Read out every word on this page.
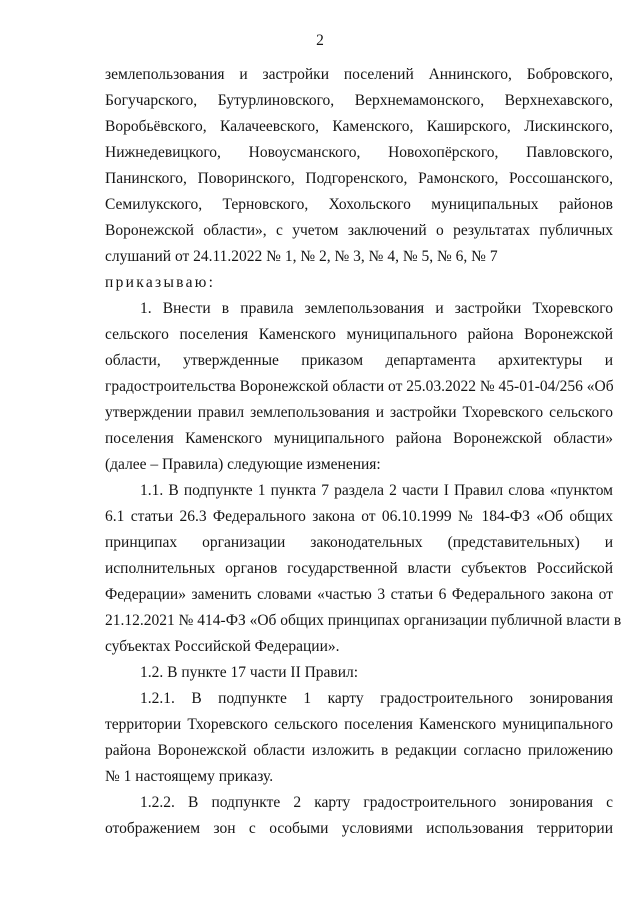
2
землепользования и застройки поселений Аннинского, Бобровского,
Богучарского, Бутурлиновского, Верхнемамонского, Верхнехавского,
Воробьёвского, Калачеевского, Каменского, Каширского, Лискинского,
Нижнедевицкого, Новоусманского, Новохопёрского, Павловского,
Панинского, Поворинского, Подгоренского, Рамонского, Россошанского,
Семилукского, Терновского, Хохольского муниципальных районов
Воронежской области», с учетом заключений о результатах публичных
слушаний от 24.11.2022 № 1, № 2, № 3, № 4, № 5, № 6, № 7
приказываю:
1. Внести в правила землепользования и застройки Тхоревского
сельского поселения Каменского муниципального района Воронежской
области, утвержденные приказом департамента архитектуры и
градостроительства Воронежской области от 25.03.2022 № 45-01-04/256 «Об
утверждении правил землепользования и застройки Тхоревского сельского
поселения Каменского муниципального района Воронежской области»
(далее – Правила) следующие изменения:
1.1. В подпункте 1 пункта 7 раздела 2 части I Правил слова «пунктом
6.1 статьи 26.3 Федерального закона от 06.10.1999 № 184-ФЗ «Об общих
принципах организации законодательных (представительных) и
исполнительных органов государственной власти субъектов Российской
Федерации» заменить словами «частью 3 статьи 6 Федерального закона от
21.12.2021 № 414-ФЗ «Об общих принципах организации публичной власти в
субъектах Российской Федерации».
1.2. В пункте 17 части II Правил:
1.2.1. В подпункте 1 карту градостроительного зонирования
территории Тхоревского сельского поселения Каменского муниципального
района Воронежской области изложить в редакции согласно приложению
№ 1 настоящему приказу.
1.2.2. В подпункте 2 карту градостроительного зонирования с
отображением зон с особыми условиями использования территории
